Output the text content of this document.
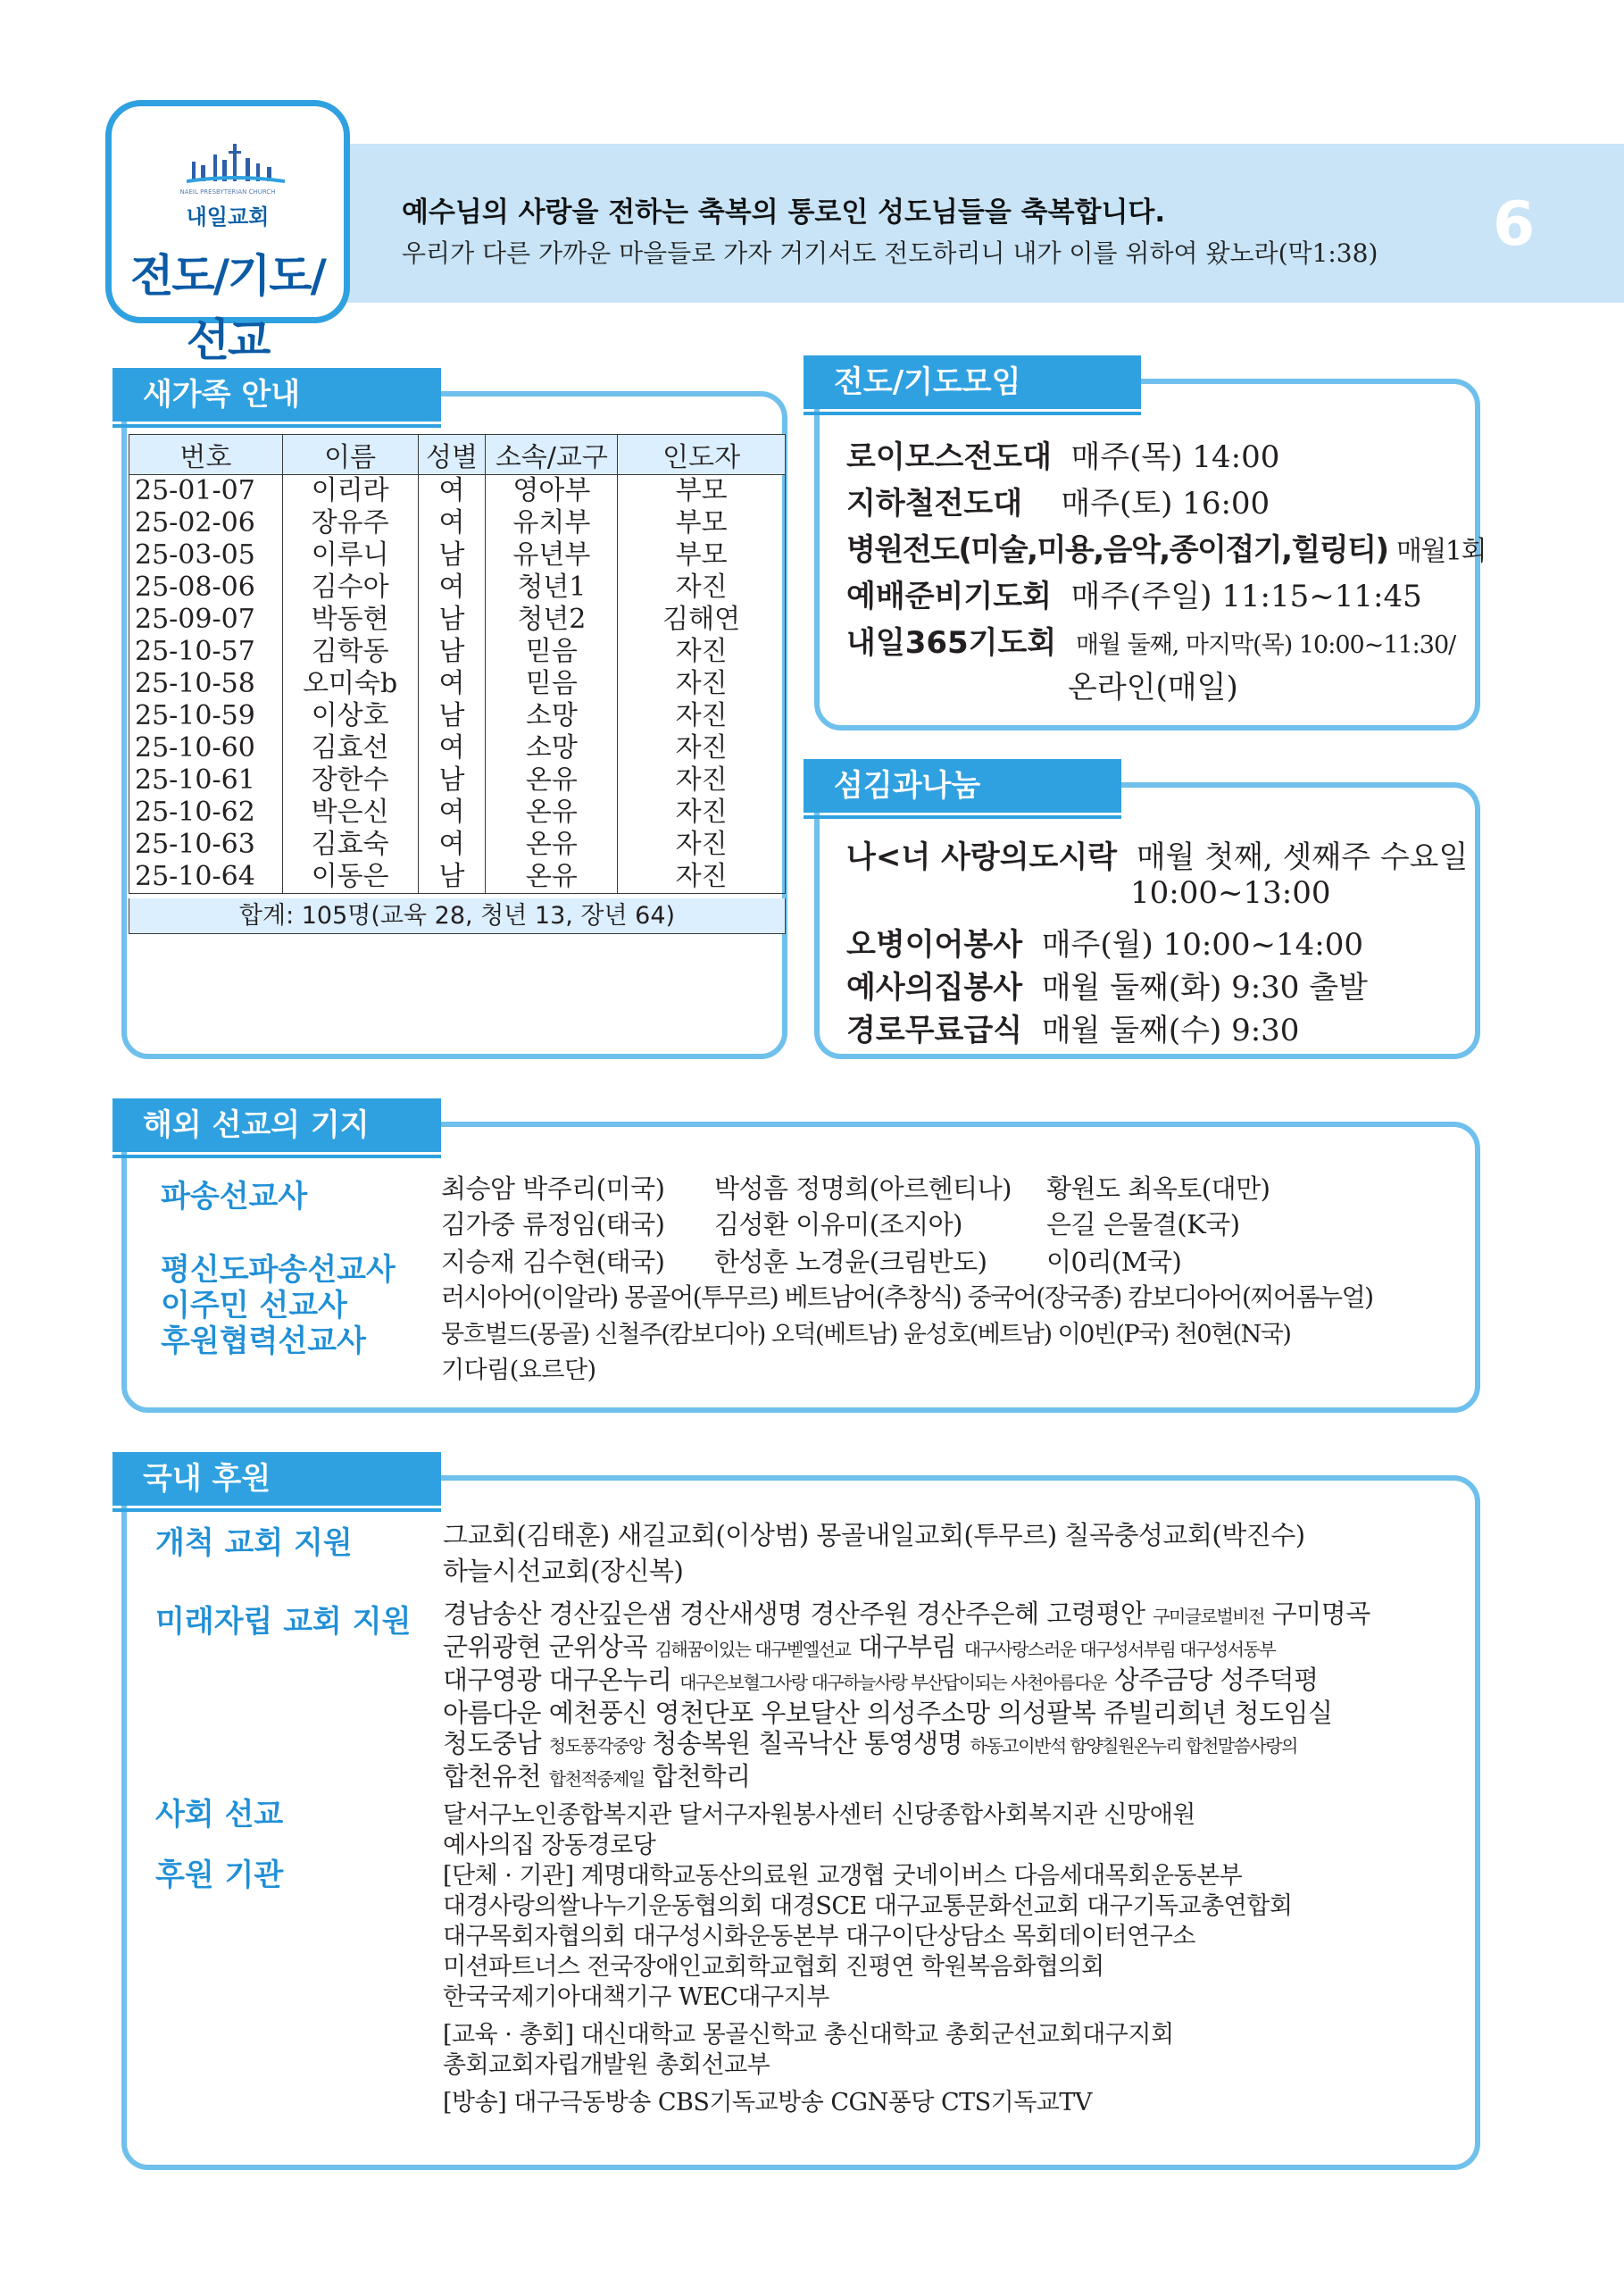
NAEIL PRESBYTERIAN CHURCH
내일교회
전도/기도/선교
예수님의 사랑을 전하는 축복의 통로인 성도님들을 축복합니다.
우리가 다른 가까운 마을들로 가자 거기서도 전도하리니 내가 이를 위하여 왔노라(막1:38) 6
새가족 안내
번호	이름	성별	소속/교구	인도자
25-01-07	이리라	여	영아부	부모
25-02-06	장유주	여	유치부	부모
25-03-05	이루니	남	유년부	부모
25-08-06	김수아	여	청년1	자진
25-09-07	박동현	남	청년2	김해연
25-10-57	김학동	남	믿음	자진
25-10-58	오미숙b	여	믿음	자진
25-10-59	이상호	남	소망	자진
25-10-60	김효선	여	소망	자진
25-10-61	장한수	남	온유	자진
25-10-62	박은신	여	온유	자진
25-10-63	김효숙	여	온유	자진
25-10-64	이동은	남	온유	자진
합계: 105명(교육 28, 청년 13, 장년 64)
전도/기도모임
로이모스전도대 매주(목) 14:00
지하철전도대 매주(토) 16:00
병원전도(미술,미용,음악,종이접기,힐링티) 매월1회
예배준비기도회 매주(주일) 11:15~11:45
내일365기도회 매월 둘째, 마지막(목) 10:00~11:30/
온라인(매일)
섬김과나눔
나<너 사랑의도시락 매월 첫째, 셋째주 수요일
10:00~13:00
오병이어봉사 매주(월) 10:00~14:00
예사의집봉사 매월 둘째(화) 9:30 출발
경로무료급식 매월 둘째(수) 9:30
해외 선교의 기지
파송선교사
평신도파송선교사
이주민 선교사
후원협력선교사
최승암 박주리(미국) 박성흠 정명희(아르헨티나) 황원도 최옥토(대만)
김가중 류정임(태국) 김성환 이유미(조지아)	은길 은물결(K국)
지승재 김수현(태국) 한성훈 노경윤(크림반도) 이0리(M국)
러시아어(이알라) 몽골어(투무르) 베트남어(추창식) 중국어(장국종) 캄보디아어(찌어롬누얼)
뭉흐벌드(몽골) 신철주(캄보디아) 오덕(베트남) 윤성호(베트남) 이0빈(P국) 천0현(N국)
기다림(요르단)
국내 후원
개척 교회 지원
미래자립 교회 지원
사회 선교
후원 기관
그교회(김태훈) 새길교회(이상범) 몽골내일교회(투무르) 칠곡충성교회(박진수)
하늘시선교회(장신복)
경남송산 경산깊은샘 경산새생명 경산주원 경산주은혜 고령평안 구미글로벌비전 구미명곡
군위광현 군위상곡 김해꿈이있는 대구벧엘선교 대구부림 대구사랑스러운 대구성서부림 대구성서동부
대구영광 대구온누리 대구은보혈그사랑 대구하늘사랑 부산답이되는 사천아름다운 상주금당 성주덕평
아름다운 예천풍신 영천단포 우보달산 의성주소망 의성팔복 쥬빌리희년 청도임실
청도중남 청도풍각중앙 청송복원 칠곡낙산 통영생명 하동고이반석 함양칠원온누리 합천말씀사랑의
합천유천 합천적중제일 합천학리
달서구노인종합복지관 달서구자원봉사센터 신당종합사회복지관 신망애원
예사의집 장동경로당
[단체 · 기관] 계명대학교동산의료원 교갱협 굿네이버스 다음세대목회운동본부
대경사랑의쌀나누기운동협의회 대경SCE 대구교통문화선교회 대구기독교총연합회
대구목회자협의회 대구성시화운동본부 대구이단상담소 목회데이터연구소
미션파트너스 전국장애인교회학교협회 진평연 학원복음화협의회
한국국제기아대책기구 WEC대구지부
[교육 · 총회] 대신대학교 몽골신학교 총신대학교 총회군선교회대구지회
총회교회자립개발원 총회선교부
[방송] 대구극동방송 CBS기독교방송 CGN퐁당 CTS기독교TV
